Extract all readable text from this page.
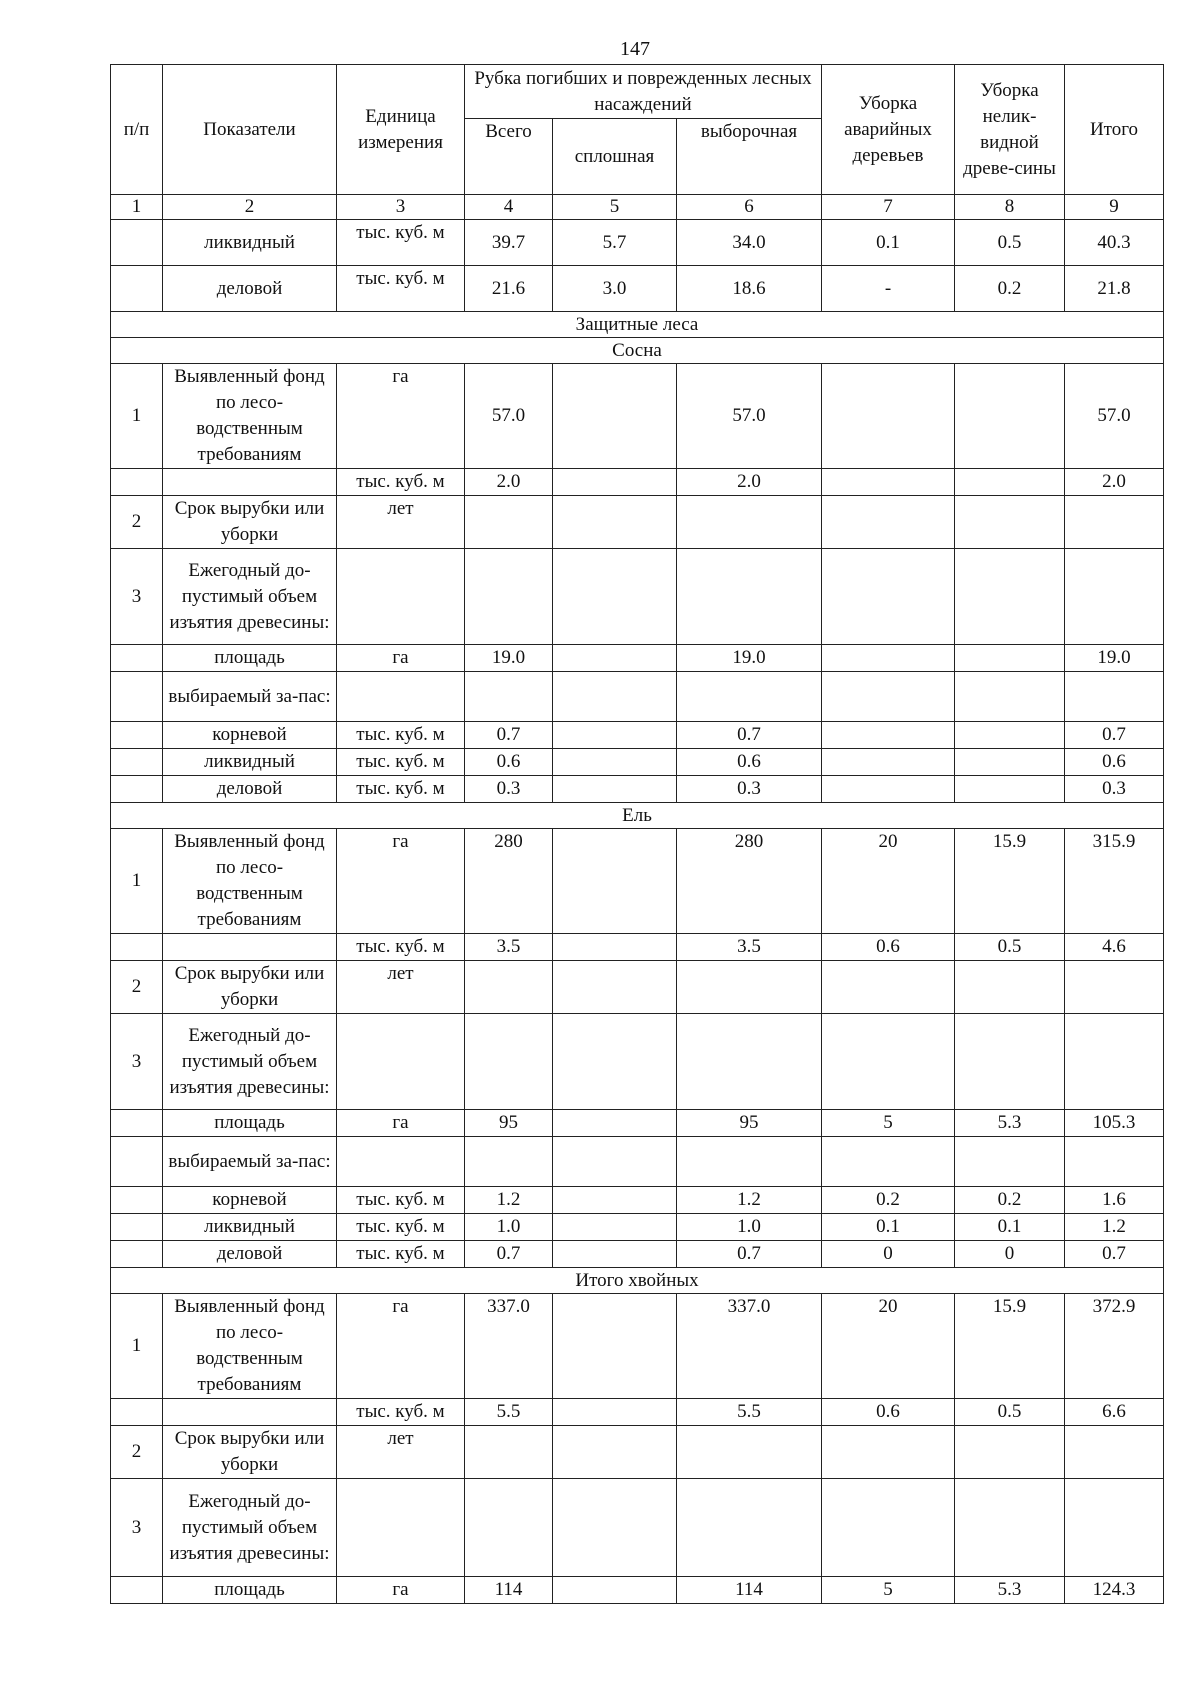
147
п/п	Показатели	Единица измерения	Рубка погибших и поврежденных лесных насаждений			Уборка аварийных деревьев	Уборка нелик-видной древе-сины	Итого
			Всего	сплошная	выборочная			
1	2	3	4	5	6	7	8	9
	ликвидный	тыс. куб. м	39.7	5.7	34.0	0.1	0.5	40.3
	деловой	тыс. куб. м	21.6	3.0	18.6	-	0.2	21.8
Защитные леса								
Сосна								
1	Выявленный фонд по лесо-водственным требованиям	га	57.0		57.0			57.0
		тыс. куб. м	2.0		2.0			2.0
2	Срок вырубки или уборки	лет						
3	Ежегодный до-пустимый объем изъятия древесины:							
	площадь	га	19.0		19.0			19.0
	выбираемый за-пас:							
	корневой	тыс. куб. м	0.7		0.7			0.7
	ликвидный	тыс. куб. м	0.6		0.6			0.6
	деловой	тыс. куб. м	0.3		0.3			0.3
Ель								
1	Выявленный фонд по лесо-водственным требованиям	га	280		280	20	15.9	315.9
		тыс. куб. м	3.5		3.5	0.6	0.5	4.6
2	Срок вырубки или уборки	лет						
3	Ежегодный до-пустимый объем изъятия древесины:							
	площадь	га	95		95	5	5.3	105.3
	выбираемый за-пас:							
	корневой	тыс. куб. м	1.2		1.2	0.2	0.2	1.6
	ликвидный	тыс. куб. м	1.0		1.0	0.1	0.1	1.2
	деловой	тыс. куб. м	0.7		0.7	0	0	0.7
Итого хвойных								
1	Выявленный фонд по лесо-водственным требованиям	га	337.0		337.0	20	15.9	372.9
		тыс. куб. м	5.5		5.5	0.6	0.5	6.6
2	Срок вырубки или уборки	лет						
3	Ежегодный до-пустимый объем изъятия древесины:							
	площадь	га	114		114	5	5.3	124.3
